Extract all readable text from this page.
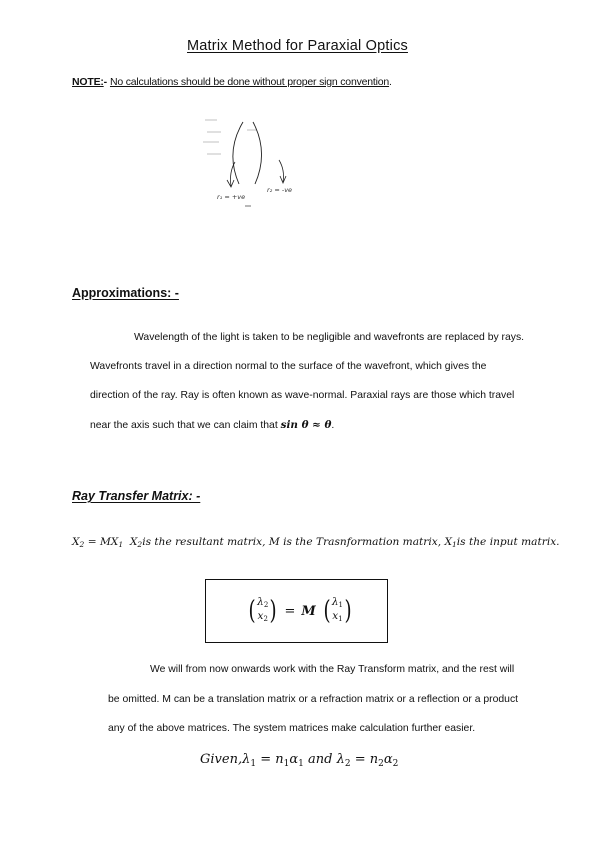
Matrix Method for Paraxial Optics
NOTE:- No calculations should be done without proper sign convention.
r₁ = +ve
r₂ = -ve
Approximations: -
Wavelength of the light is taken to be negligible and wavefronts are replaced by rays.
Wavefronts travel in a direction normal to the surface of the wavefront, which gives the
direction of the ray. Ray is often known as wave-normal. Paraxial rays are those which travel
near the axis such that we can claim that sin θ ≈ θ.
Ray Transfer Matrix: -
$X_2 = MX_1$ $X_2is$ the resultant matrix, M is the Trasnformation matrix, $X_1is$ the input matrix.
( $\lambda_2$
$x_2$ ) = M ( $\lambda_1$
$x_1$ )
We will from now onwards work with the Ray Transform matrix, and the rest will
be omitted. M can be a translation matrix or a refraction matrix or a reflection or a product
any of the above matrices. The system matrices make calculation further easier.
$Given,\lambda_1 = n_1\alpha_1$ and $\lambda_2 = n_2\alpha_2$
